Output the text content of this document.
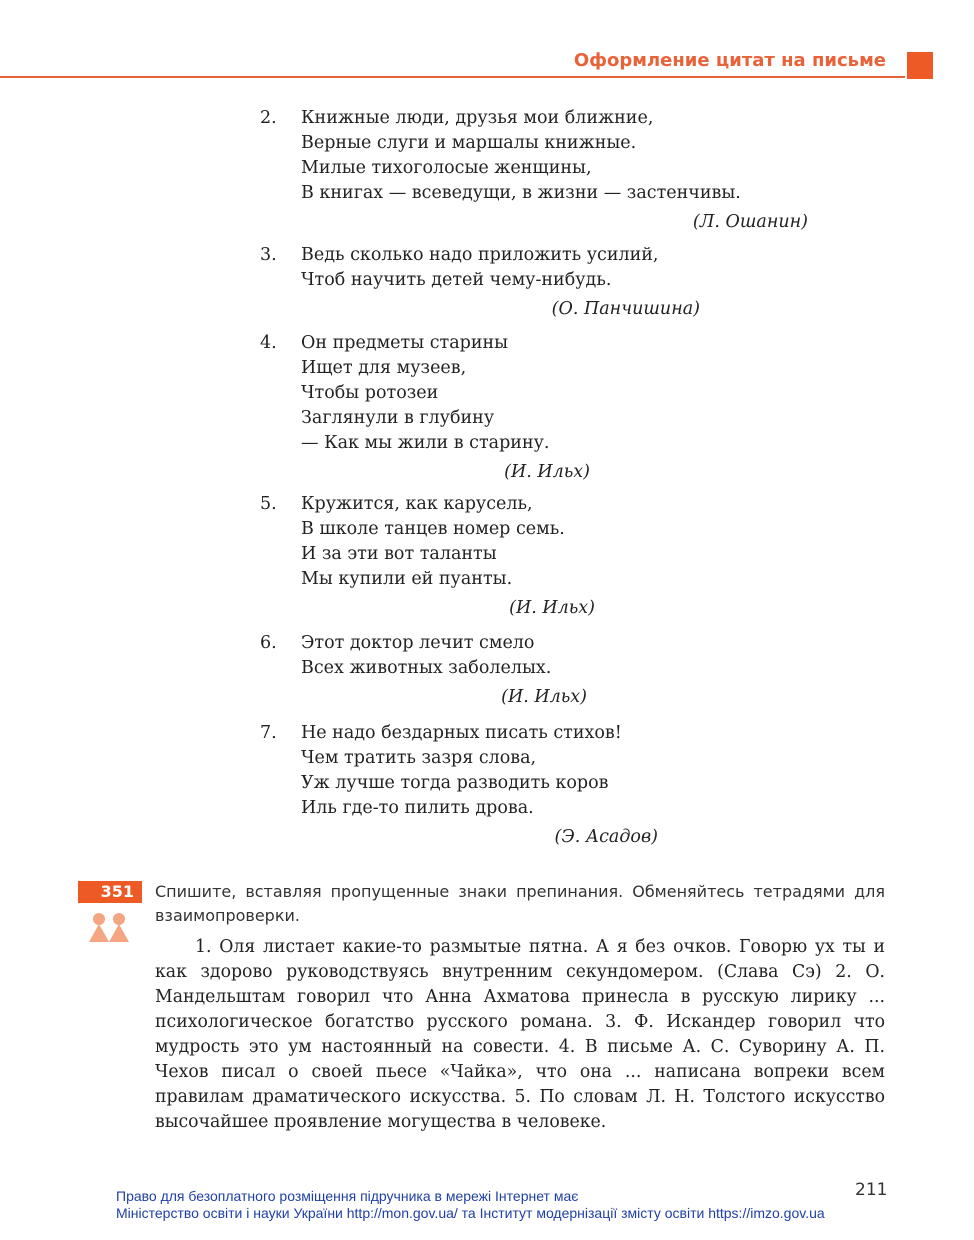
Оформление цитат на письме
2. Книжные люди, друзья мои ближние,
Верные слуги и маршалы книжные.
Милые тихоголосые женщины,
В книгах — всеведущи, в жизни — застенчивы.
(Л. Ошанин)
3. Ведь сколько надо приложить усилий,
Чтоб научить детей чему-нибудь.
(О. Панчишина)
4. Он предметы старины
Ищет для музеев,
Чтобы ротозеи
Заглянули в глубину
— Как мы жили в старину.
(И. Ильх)
5. Кружится, как карусель,
В школе танцев номер семь.
И за эти вот таланты
Мы купили ей пуанты.
(И. Ильх)
6. Этот доктор лечит смело
Всех животных заболелых.
(И. Ильх)
7. Не надо бездарных писать стихов!
Чем тратить зазря слова,
Уж лучше тогда разводить коров
Иль где-то пилить дрова.
(Э. Асадов)
351	Спишите, вставляя пропущенные знаки препинания. Обменяйтесь тетрадями для взаимопроверки.
1. Оля листает какие-то размытые пятна. А я без очков. Говорю ух ты и как здорово руководствуясь внутренним секундомером. (Слава Сэ) 2. О. Мандельштам говорил что Анна Ахматова принесла в русскую лирику ... психологическое богатство русского романа. 3. Ф. Искандер говорил что мудрость это ум настоянный на совести. 4. В письме А. С. Суворину А. П. Чехов писал о своей пьесе «Чайка», что она ... написана вопреки всем правилам драматического искусства. 5. По словам Л. Н. Толстого искусство высочайшее проявление могущества в человеке.
211
Право для безоплатного розміщення підручника в мережі Інтернет має
Міністерство освіти і науки України http://mon.gov.ua/ та Інститут модернізації змісту освіти https://imzo.gov.ua
